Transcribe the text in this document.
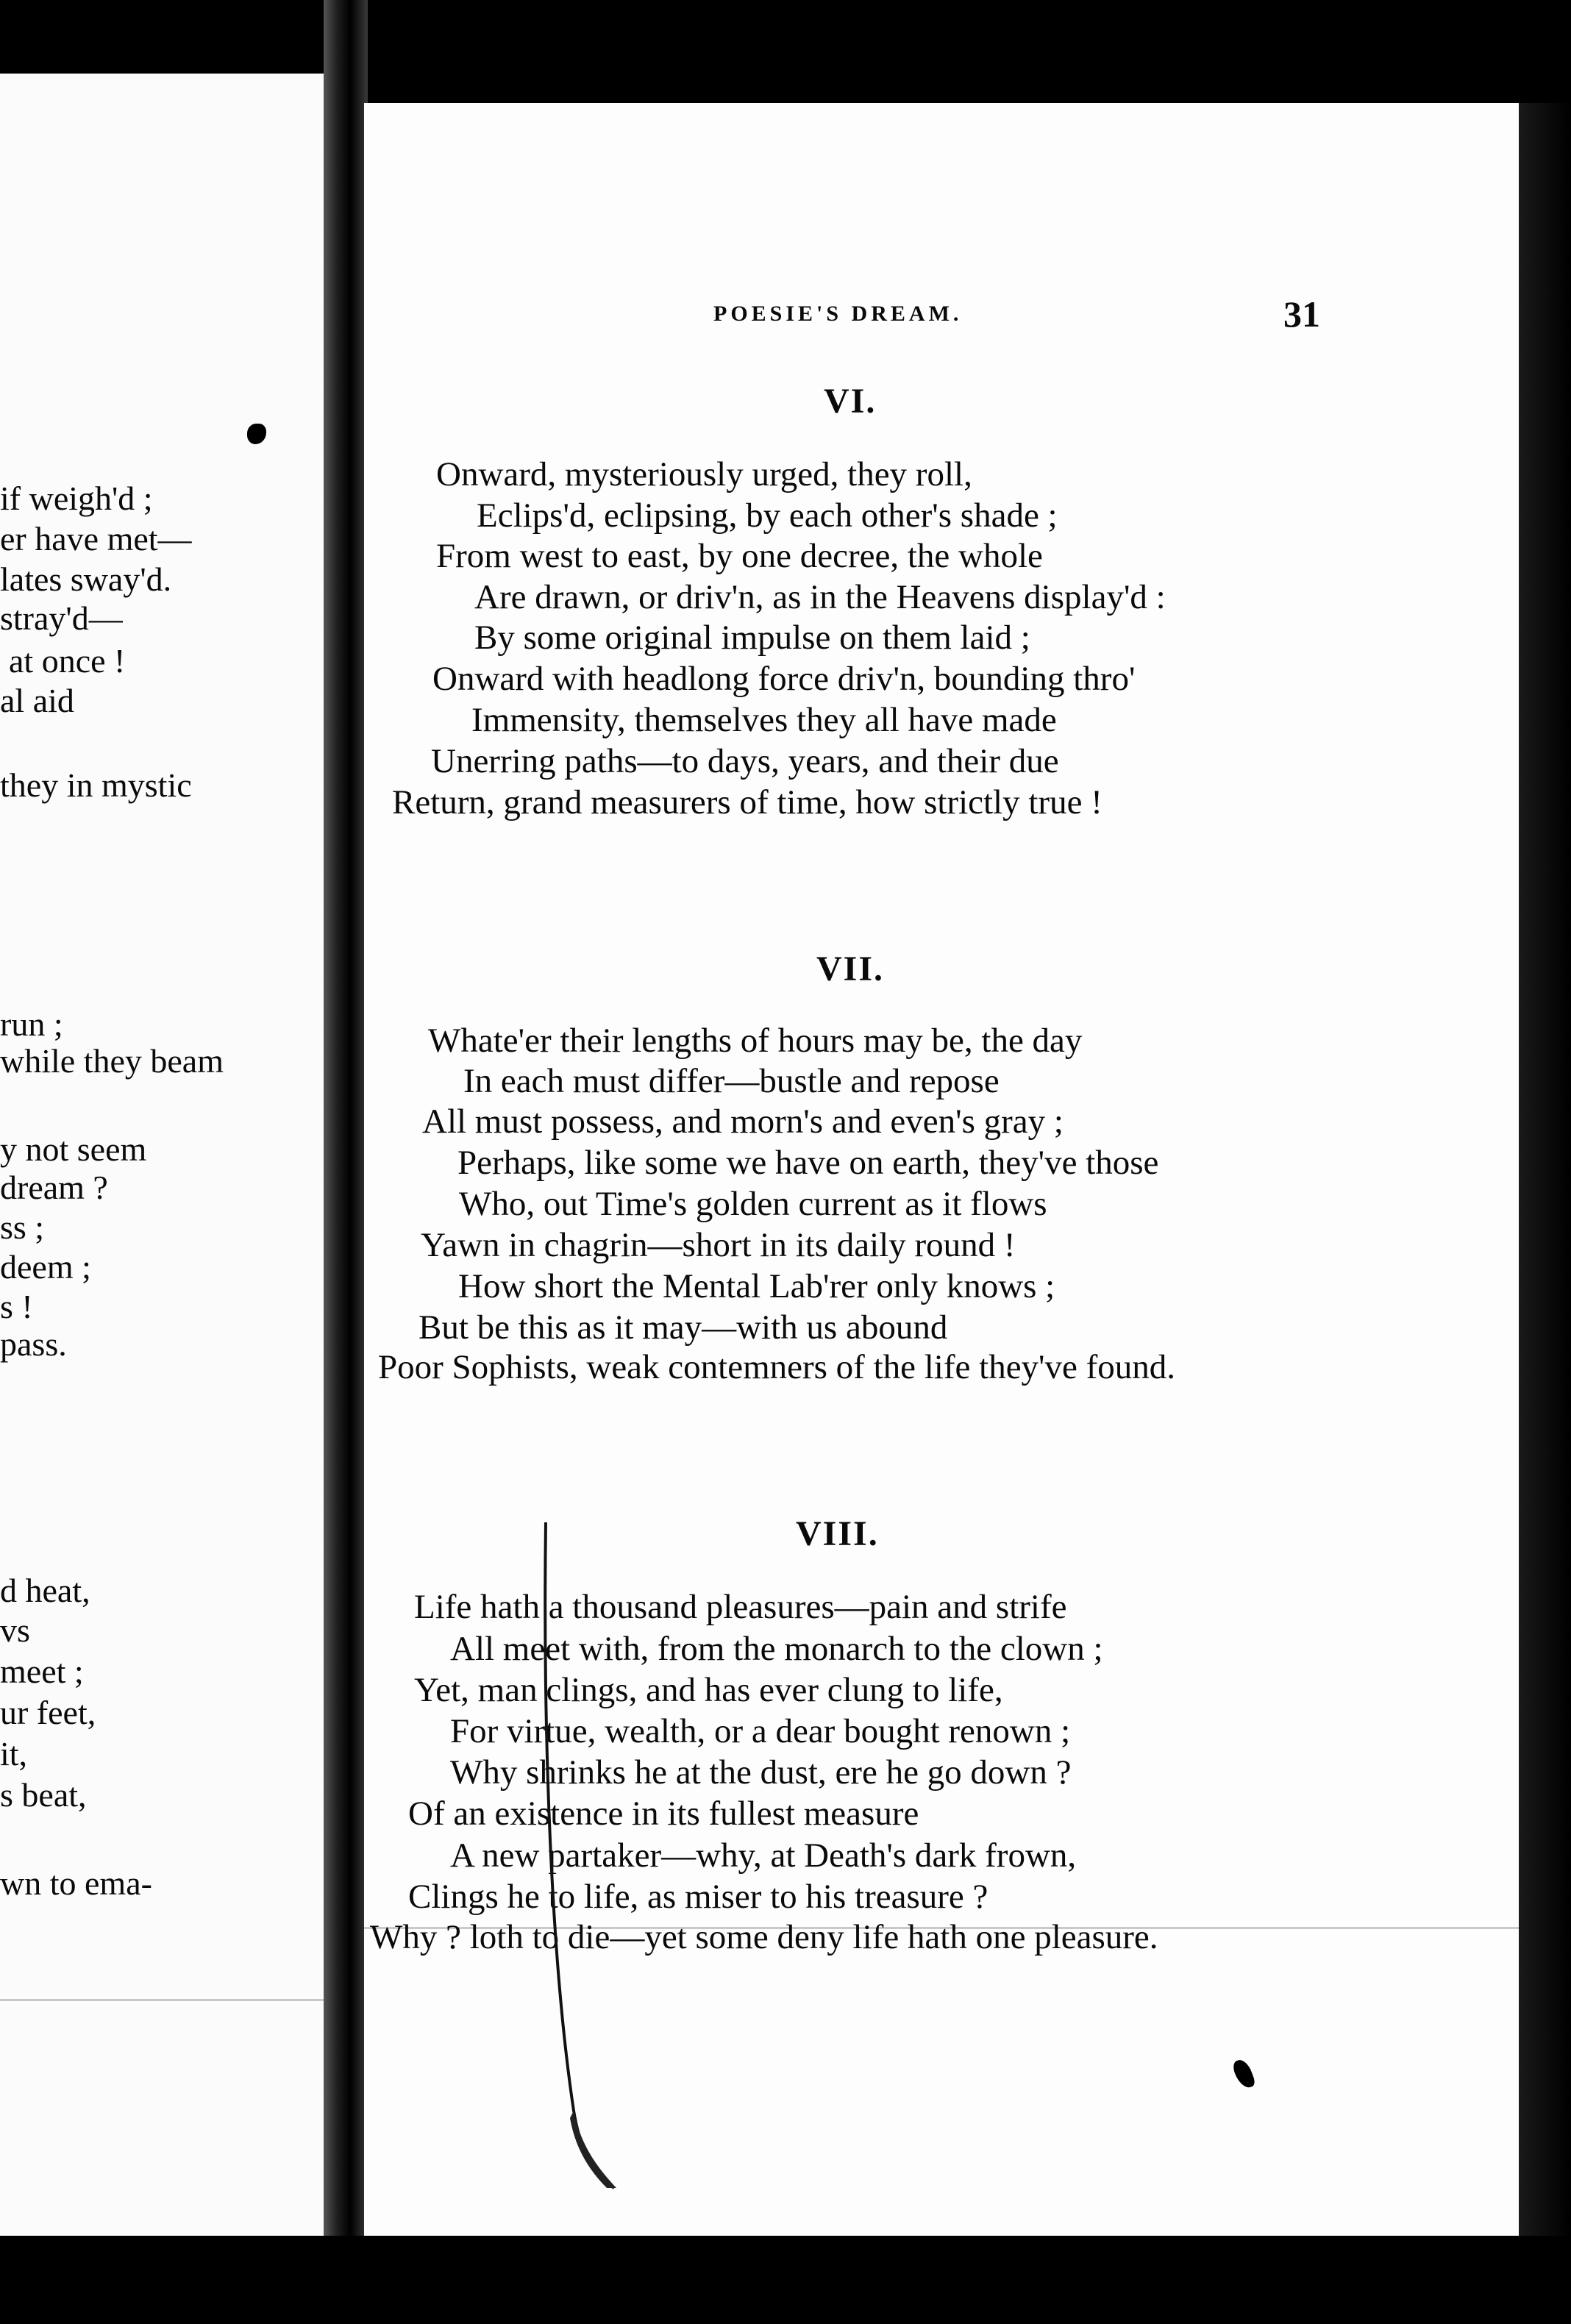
if weigh'd ;
er have met—
lates sway'd.
stray'd—
at once !
al aid
they in mystic
run ;
while they beam
y not seem
dream ?
ss ;
deem ;
s !
pass.
d heat,
vs
meet ;
ur feet,
it,
s beat,
wn to ema-
POESIE'S DREAM.	31
VI.
Onward, mysteriously urged, they roll,
Eclips'd, eclipsing, by each other's shade ;
From west to east, by one decree, the whole
Are drawn, or driv'n, as in the Heavens display'd :
By some original impulse on them laid ;
Onward with headlong force driv'n, bounding thro'
Immensity, themselves they all have made
Unerring paths—to days, years, and their due
Return, grand measurers of time, how strictly true !
VII.
Whate'er their lengths of hours may be, the day
In each must differ—bustle and repose
All must possess, and morn's and even's gray ;
Perhaps, like some we have on earth, they've those
Who, out Time's golden current as it flows
Yawn in chagrin—short in its daily round !
How short the Mental Lab'rer only knows ;
But be this as it may—with us abound
Poor Sophists, weak contemners of the life they've found.
VIII.
Life hath a thousand pleasures—pain and strife
All meet with, from the monarch to the clown ;
Yet, man clings, and has ever clung to life,
For virtue, wealth, or a dear bought renown ;
Why shrinks he at the dust, ere he go down ?
Of an existence in its fullest measure
A new partaker—why, at Death's dark frown,
Clings he to life, as miser to his treasure ?
Why ? loth to die—yet some deny life hath one pleasure.
